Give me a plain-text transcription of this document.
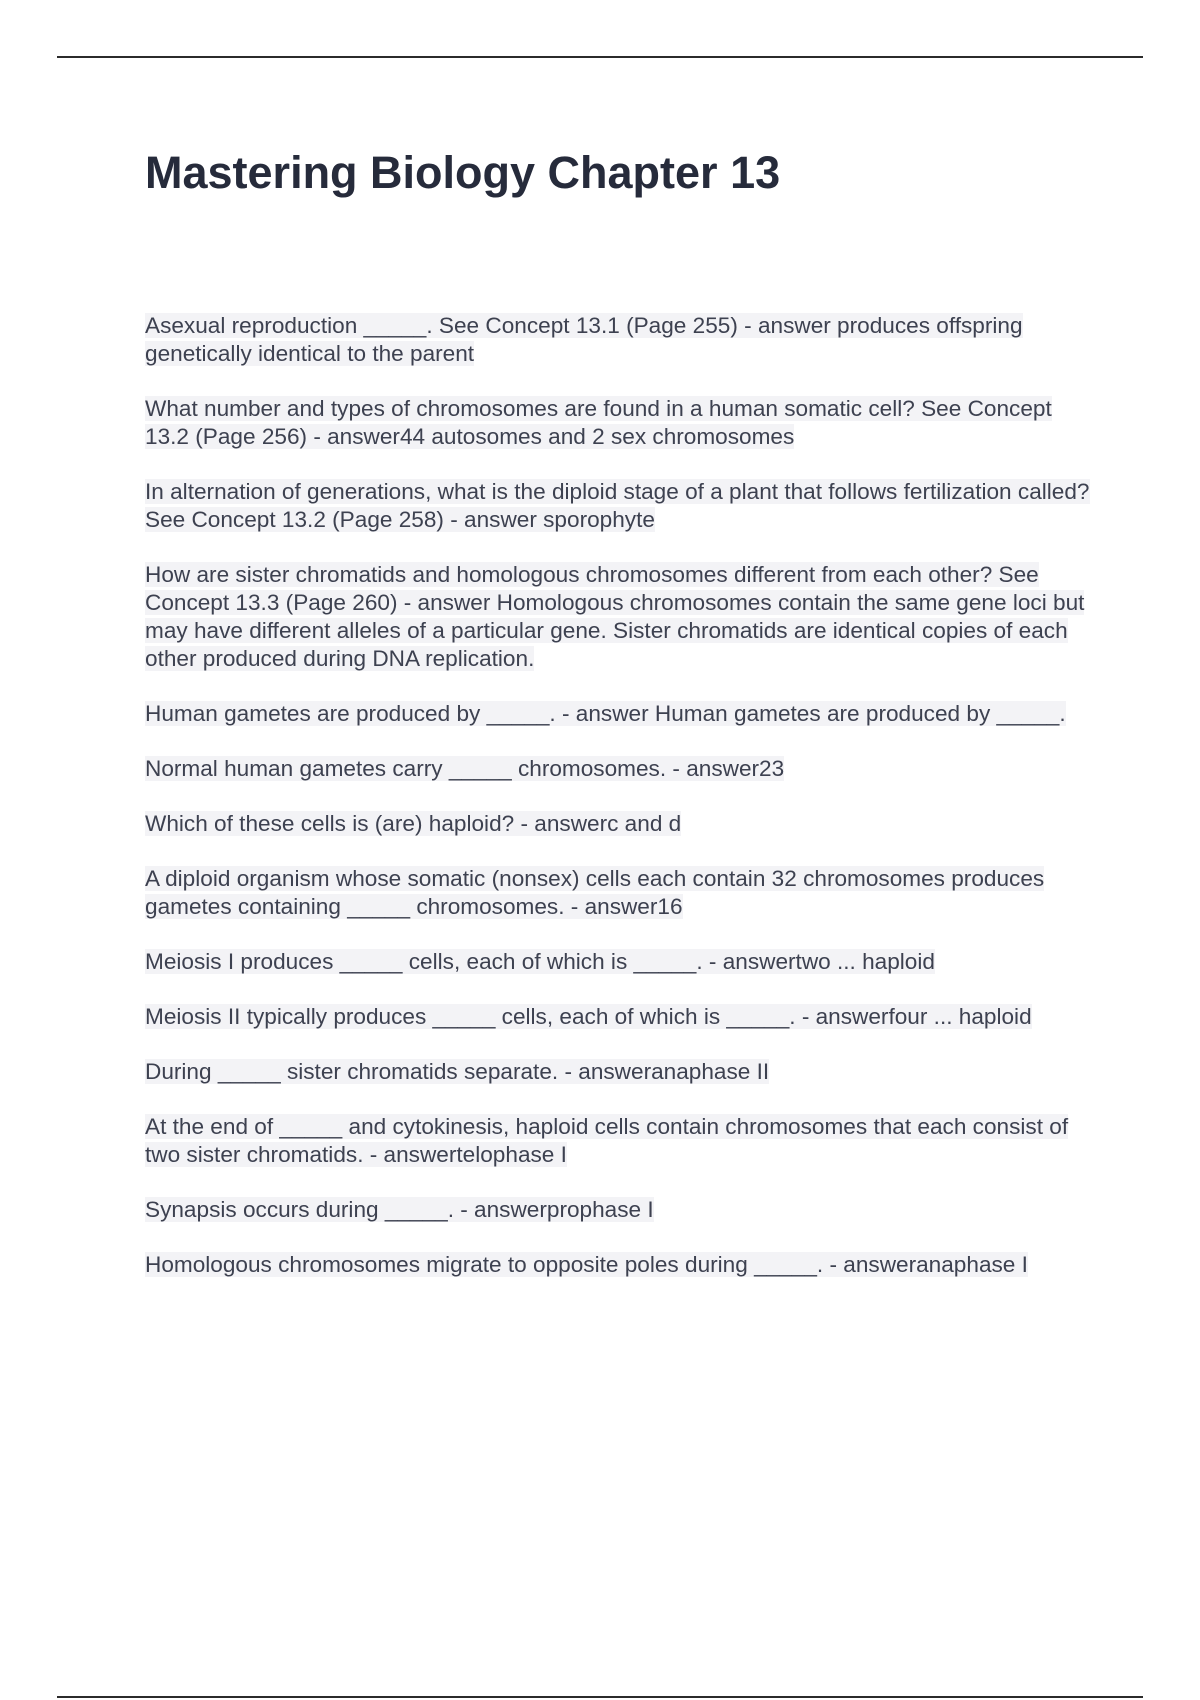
Mastering Biology Chapter 13
Asexual reproduction _____. See Concept 13.1 (Page 255) - answer produces offspring genetically identical to the parent
What number and types of chromosomes are found in a human somatic cell? See Concept 13.2 (Page 256) - answer44 autosomes and 2 sex chromosomes
In alternation of generations, what is the diploid stage of a plant that follows fertilization called? See Concept 13.2 (Page 258) - answer sporophyte
How are sister chromatids and homologous chromosomes different from each other? See Concept 13.3 (Page 260) - answer Homologous chromosomes contain the same gene loci but may have different alleles of a particular gene. Sister chromatids are identical copies of each other produced during DNA replication.
Human gametes are produced by _____. - answer Human gametes are produced by _____.
Normal human gametes carry _____ chromosomes. - answer23
Which of these cells is (are) haploid? - answerc and d
A diploid organism whose somatic (nonsex) cells each contain 32 chromosomes produces gametes containing _____ chromosomes. - answer16
Meiosis I produces _____ cells, each of which is _____. - answertwo ... haploid
Meiosis II typically produces _____ cells, each of which is _____. - answerfour ... haploid
During _____ sister chromatids separate. - answeranaphase II
At the end of _____ and cytokinesis, haploid cells contain chromosomes that each consist of two sister chromatids. - answertelophase I
Synapsis occurs during _____. - answerprophase I
Homologous chromosomes migrate to opposite poles during _____. - answeranaphase I
